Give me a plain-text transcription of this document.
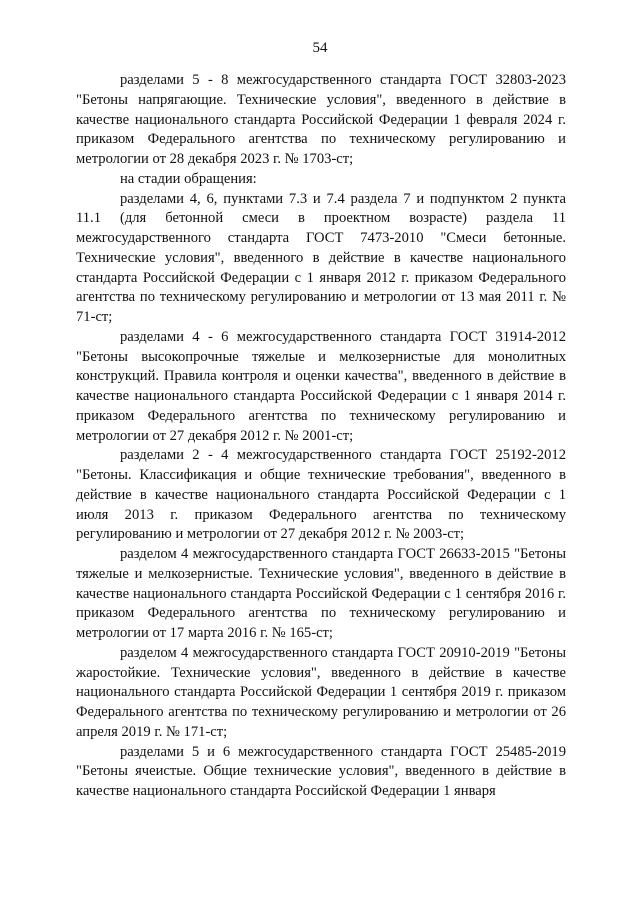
54

разделами 5 - 8 межгосударственного стандарта ГОСТ 32803-2023 "Бетоны напрягающие. Технические условия", введенного в действие в качестве национального стандарта Российской Федерации 1 февраля 2024 г. приказом Федерального агентства по техническому регулированию и метрологии от 28 декабря 2023 г. № 1703-ст;

на стадии обращения:

разделами 4, 6, пунктами 7.3 и 7.4 раздела 7 и подпунктом 2 пункта 11.1 (для бетонной смеси в проектном возрасте) раздела 11 межгосударственного стандарта ГОСТ 7473-2010 "Смеси бетонные. Технические условия", введенного в действие в качестве национального стандарта Российской Федерации с 1 января 2012 г. приказом Федерального агентства по техническому регулированию и метрологии от 13 мая 2011 г. № 71-ст;

разделами 4 - 6 межгосударственного стандарта ГОСТ 31914-2012 "Бетоны высокопрочные тяжелые и мелкозернистые для монолитных конструкций. Правила контроля и оценки качества", введенного в действие в качестве национального стандарта Российской Федерации с 1 января 2014 г. приказом Федерального агентства по техническому регулированию и метрологии от 27 декабря 2012 г. № 2001-ст;

разделами 2 - 4 межгосударственного стандарта ГОСТ 25192-2012 "Бетоны. Классификация и общие технические требования", введенного в действие в качестве национального стандарта Российской Федерации с 1 июля 2013 г. приказом Федерального агентства по техническому регулированию и метрологии от 27 декабря 2012 г. № 2003-ст;

разделом 4 межгосударственного стандарта ГОСТ 26633-2015 "Бетоны тяжелые и мелкозернистые. Технические условия", введенного в действие в качестве национального стандарта Российской Федерации с 1 сентября 2016 г. приказом Федерального агентства по техническому регулированию и метрологии от 17 марта 2016 г. № 165-ст;

разделом 4 межгосударственного стандарта ГОСТ 20910-2019 "Бетоны жаростойкие. Технические условия", введенного в действие в качестве национального стандарта Российской Федерации 1 сентября 2019 г. приказом Федерального агентства по техническому регулированию и метрологии от 26 апреля 2019 г. № 171-ст;

разделами 5 и 6 межгосударственного стандарта ГОСТ 25485-2019 "Бетоны ячеистые. Общие технические условия", введенного в действие в качестве национального стандарта Российской Федерации 1 января
